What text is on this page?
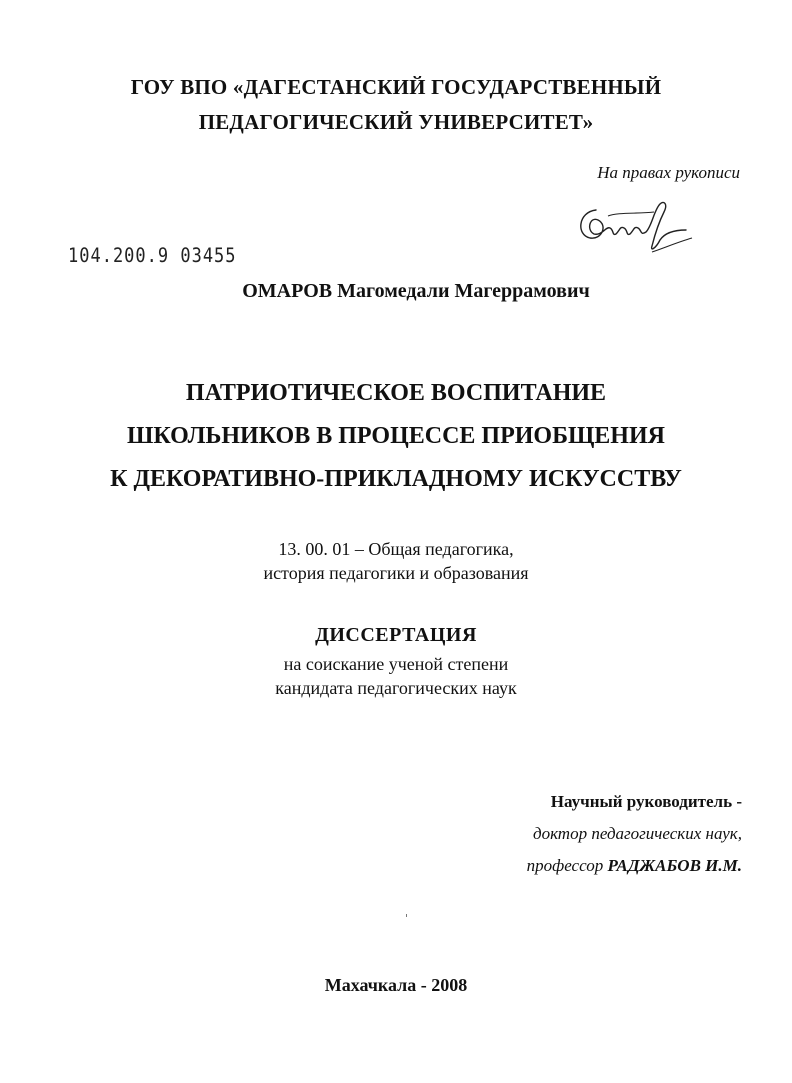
ГОУ ВПО «ДАГЕСТАНСКИЙ ГОСУДАРСТВЕННЫЙ
ПЕДАГОГИЧЕСКИЙ УНИВЕРСИТЕТ»
На правах рукописи
104.200.9 03455
ОМАРОВ Магомедали Магеррамович
ПАТРИОТИЧЕСКОЕ ВОСПИТАНИЕ
ШКОЛЬНИКОВ В ПРОЦЕССЕ ПРИОБЩЕНИЯ
К ДЕКОРАТИВНО-ПРИКЛАДНОМУ ИСКУССТВУ
13. 00. 01 – Общая педагогика,
история педагогики и образования
ДИССЕРТАЦИЯ
на соискание ученой степени
кандидата педагогических наук
Научный руководитель -
доктор педагогических наук,
профессор РАДЖАБОВ И.М.
Махачкала - 2008
